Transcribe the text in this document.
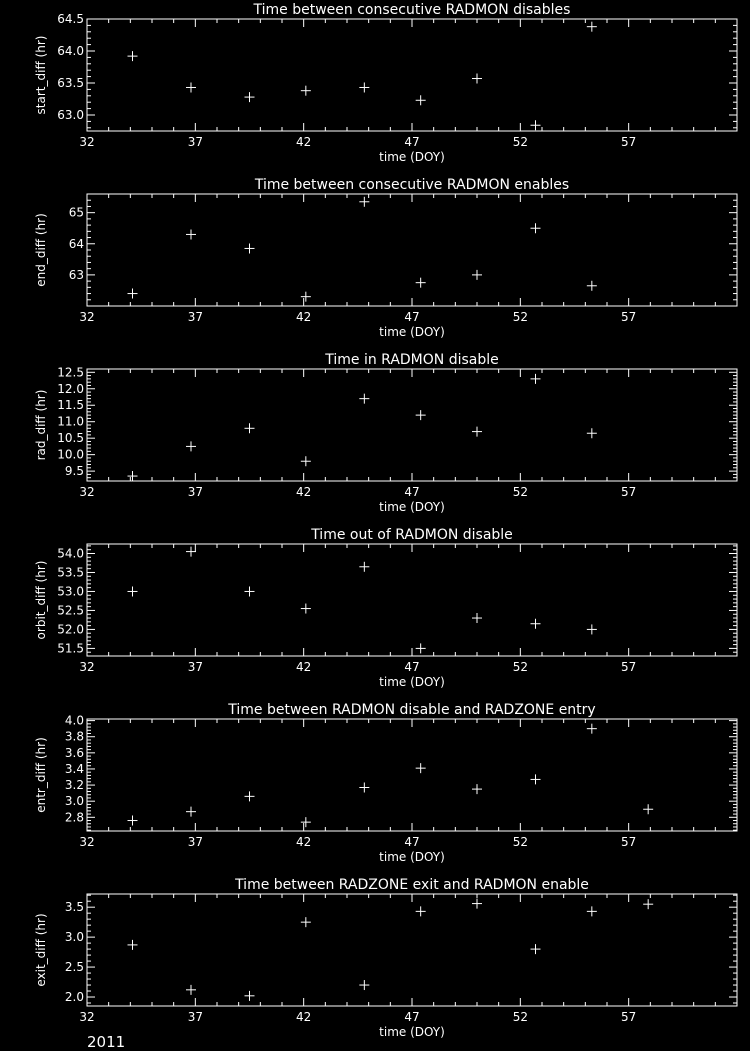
Time between consecutive RADMON disables
32	37	42	47	52	57
63.0
63.5
64.0
64.5
time (DOY)
start_diff (hr)
Time between consecutive RADMON enables
32	37	42	47	52	57
63
64
65
time (DOY)
end_diff (hr)
Time in RADMON disable
32	37	42	47	52	57
9.5
10.0
10.5
11.0
11.5
12.0
12.5
time (DOY)
rad_diff (hr)
Time out of RADMON disable
32	37	42	47	52	57
51.5
52.0
52.5
53.0
53.5
54.0
time (DOY)
orbit_diff (hr)
Time between RADMON disable and RADZONE entry
32	37	42	47	52	57
2.8
3.0
3.2
3.4
3.6
3.8
4.0
time (DOY)
entr_diff (hr)
Time between RADZONE exit and RADMON enable
32	37	42	47	52	57
2.0
2.5
3.0
3.5
time (DOY)
exit_diff (hr)
2011
